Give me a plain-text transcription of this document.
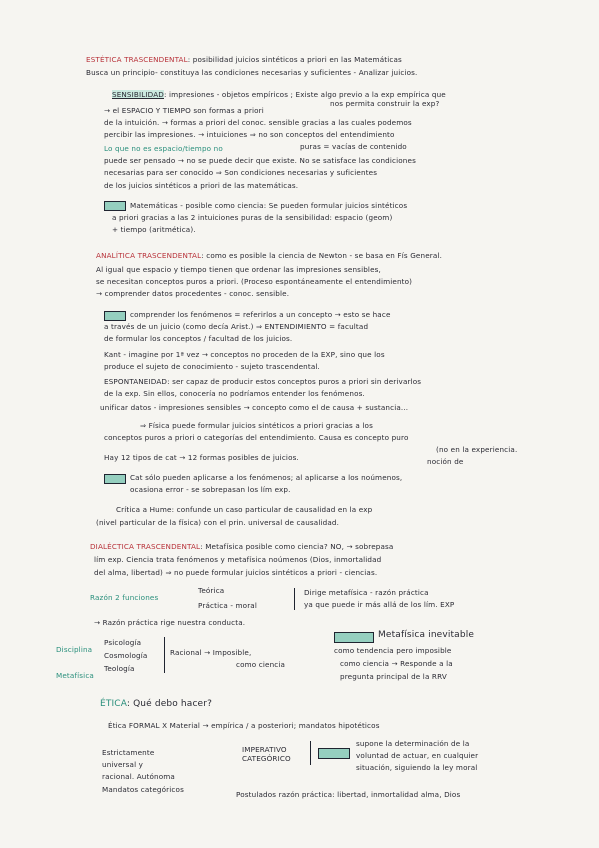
ESTÉTICA TRASCENDENTAL: posibilidad juicios sintéticos a priori en las Matemáticas
Busca un principio- constituya las condiciones necesarias y suficientes - Analizar juicios.
SENSIBILIDAD: impresiones - objetos empíricos ; Existe algo previo a la exp empírica que
nos permita construir la exp?
→ el ESPACIO Y TIEMPO son formas a priori
de la intuición. → formas a priori del conoc. sensible gracias a las cuales podemos
percibir las impresiones. → intuiciones ⇒ no son conceptos del entendimiento
Lo que no es espacio/tiempo no	puras = vacías de contenido
puede ser pensado → no se puede decir que existe. No se satisface las condiciones
necesarias para ser conocido ⇒ Son condiciones necesarias y suficientes
de los juicios sintéticos a priori de las matemáticas.
Matemáticas - posible como ciencia: Se pueden formular juicios sintéticos
a priori gracias a las 2 intuiciones puras de la sensibilidad: espacio (geom)
+ tiempo (aritmética).
ANALÍTICA TRASCENDENTAL: como es posible la ciencia de Newton - se basa en Fís General.
Al igual que espacio y tiempo tienen que ordenar las impresiones sensibles,
se necesitan conceptos puros a priori. (Proceso espontáneamente el entendimiento)
→ comprender datos procedentes - conoc. sensible.
comprender los fenómenos = referirlos a un concepto → esto se hace
a través de un juicio (como decía Arist.) ⇒ ENTENDIMIENTO = facultad
de formular los conceptos / facultad de los juicios.
Kant - imagine por 1ª vez → conceptos no proceden de la EXP, sino que los
produce el sujeto de conocimiento - sujeto trascendental.
ESPONTANEIDAD: ser capaz de producir estos conceptos puros a priori sin derivarlos
de la exp. Sin ellos, conocería no podríamos entender los fenómenos.
unificar datos - impresiones sensibles → concepto como el de causa + sustancia...
⇒ Física puede formular juicios sintéticos a priori gracias a los
conceptos puros a priori o categorías del entendimiento. Causa es concepto puro
Hay 12 tipos de cat → 12 formas posibles de juicios.
(no en la experiencia.
noción de
Cat sólo pueden aplicarse a los fenómenos; al aplicarse a los noúmenos,
ocasiona error - se sobrepasan los lím exp.
Crítica a Hume: confunde un caso particular de causalidad en la exp
(nivel particular de la física) con el prin. universal de causalidad.
DIALÉCTICA TRASCENDENTAL: Metafísica posible como ciencia? NO, → sobrepasa
lím exp. Ciencia trata fenómenos y metafísica noúmenos (Dios, inmortalidad
del alma, libertad) ⇒ no puede formular juicios sintéticos a priori - ciencias.
Razón 2 funciones
Teórica
Práctica - moral
Dirige metafísica - razón práctica
ya que puede ir más allá de los lím. EXP
→ Razón práctica rige nuestra conducta.
Disciplina
Metafísica
Psicología
Cosmología
Teología
Racional → Imposible,
como ciencia
Metafísica inevitable
como tendencia pero imposible
como ciencia → Responde a la
pregunta principal de la RRV
ÉTICA: Qué debo hacer?
Ética FORMAL X Material → empírica / a posteriori; mandatos hipotéticos
Estrictamente
universal y
racional. Autónoma
Mandatos categóricos
IMPERATIVO CATEGÓRICO
supone la determinación de la
voluntad de actuar, en cualquier
situación, siguiendo la ley moral
Postulados razón práctica: libertad, inmortalidad alma, Dios
